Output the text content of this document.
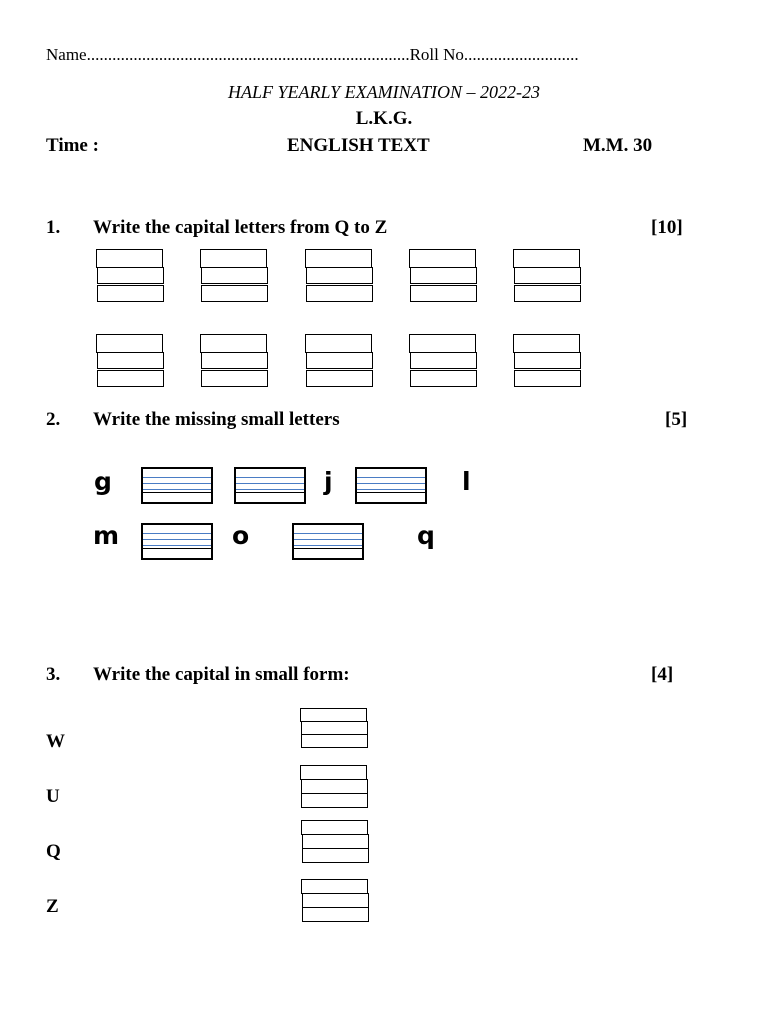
Name............................................................................Roll No...........................
HALF YEARLY EXAMINATION – 2022-23
L.K.G.
Time :	ENGLISH TEXT	M.M. 30
1. Write the capital letters from Q to Z	[10]
2. Write the missing small letters	[5]
g	j	l
m	o	q
3. Write the capital in small form:	[4]
W
U
Q
Z
